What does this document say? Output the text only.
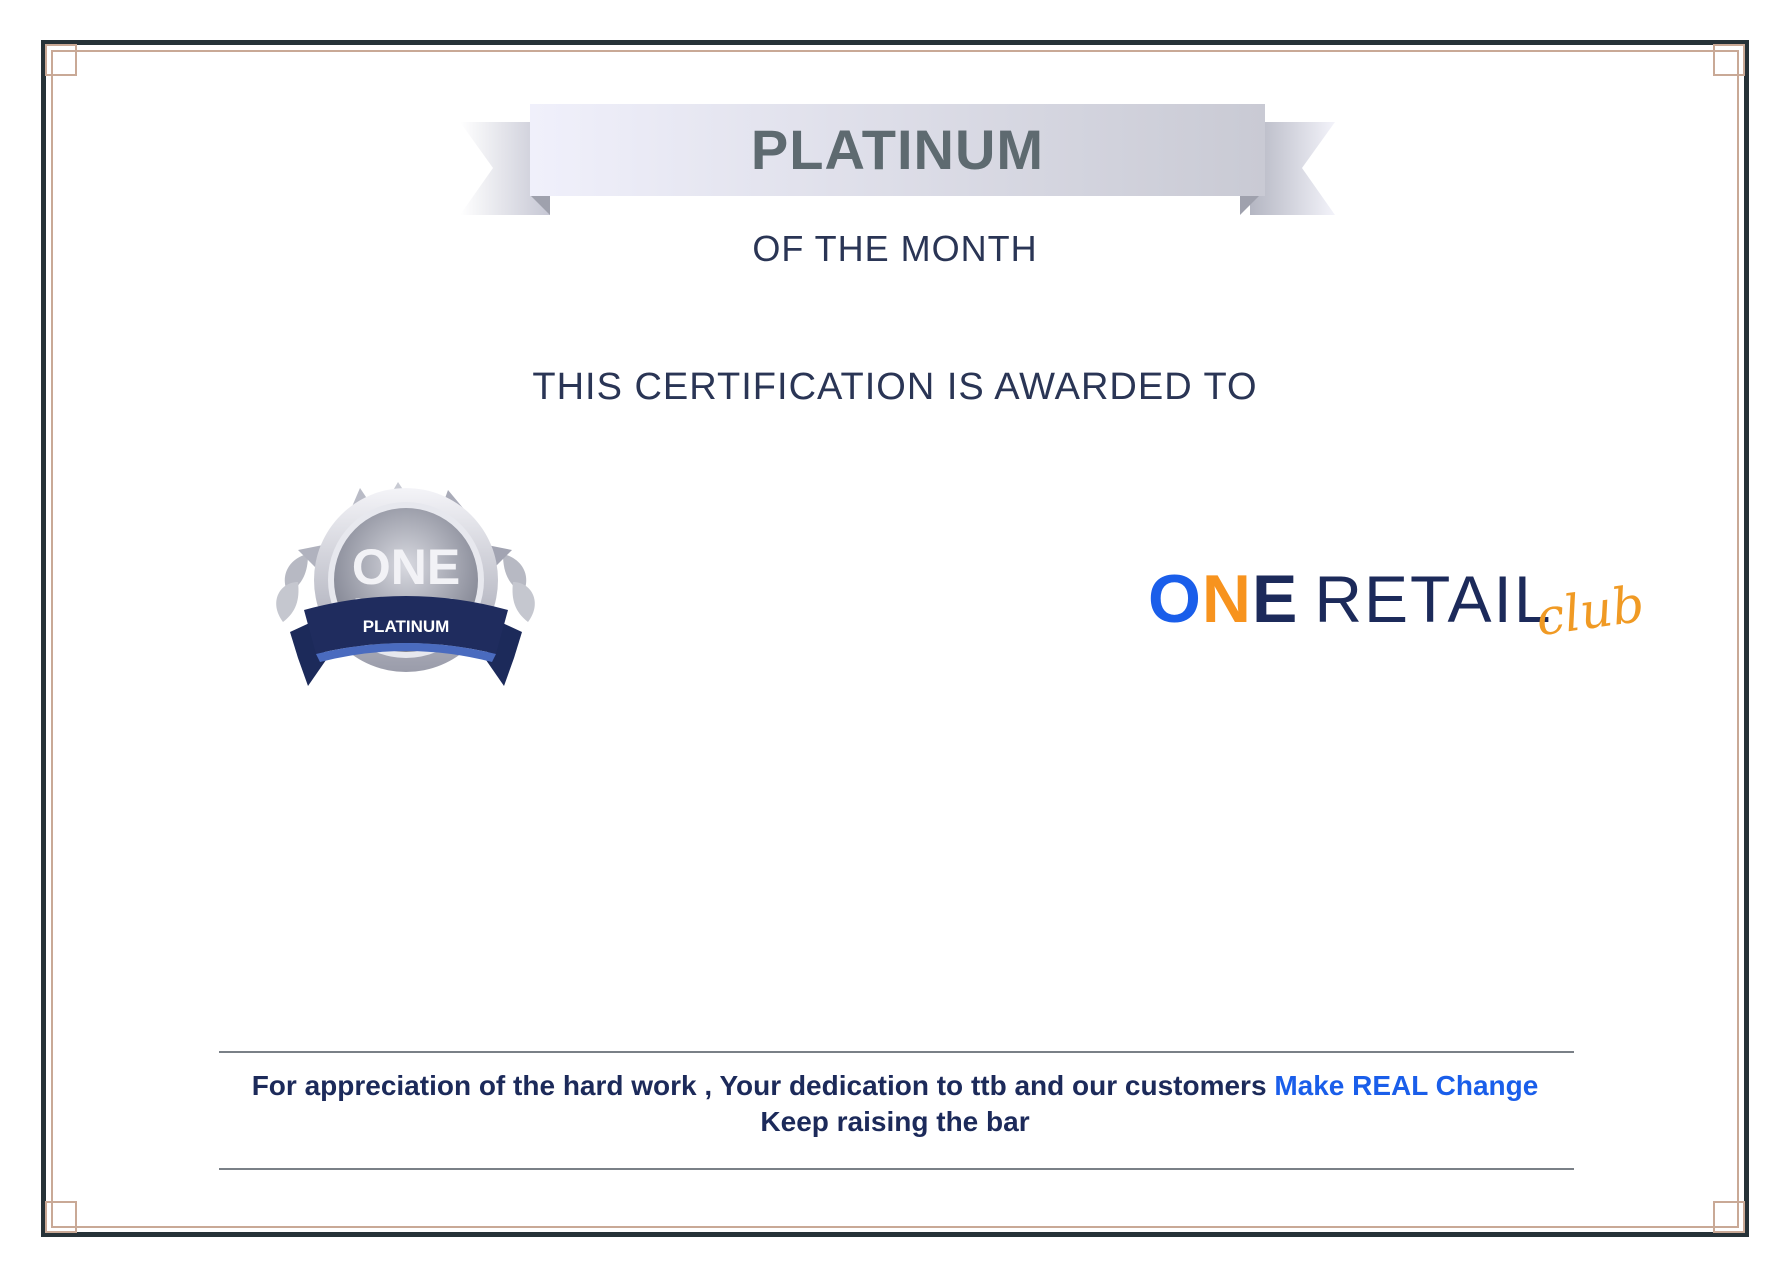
PLATINUM
OF THE MONTH
THIS CERTIFICATION IS AWARDED TO
ONE
PLATINUM	ONE RETAIL
club
For appreciation of the hard work , Your dedication to ttb and our customers Make REAL Change
Keep raising the bar
